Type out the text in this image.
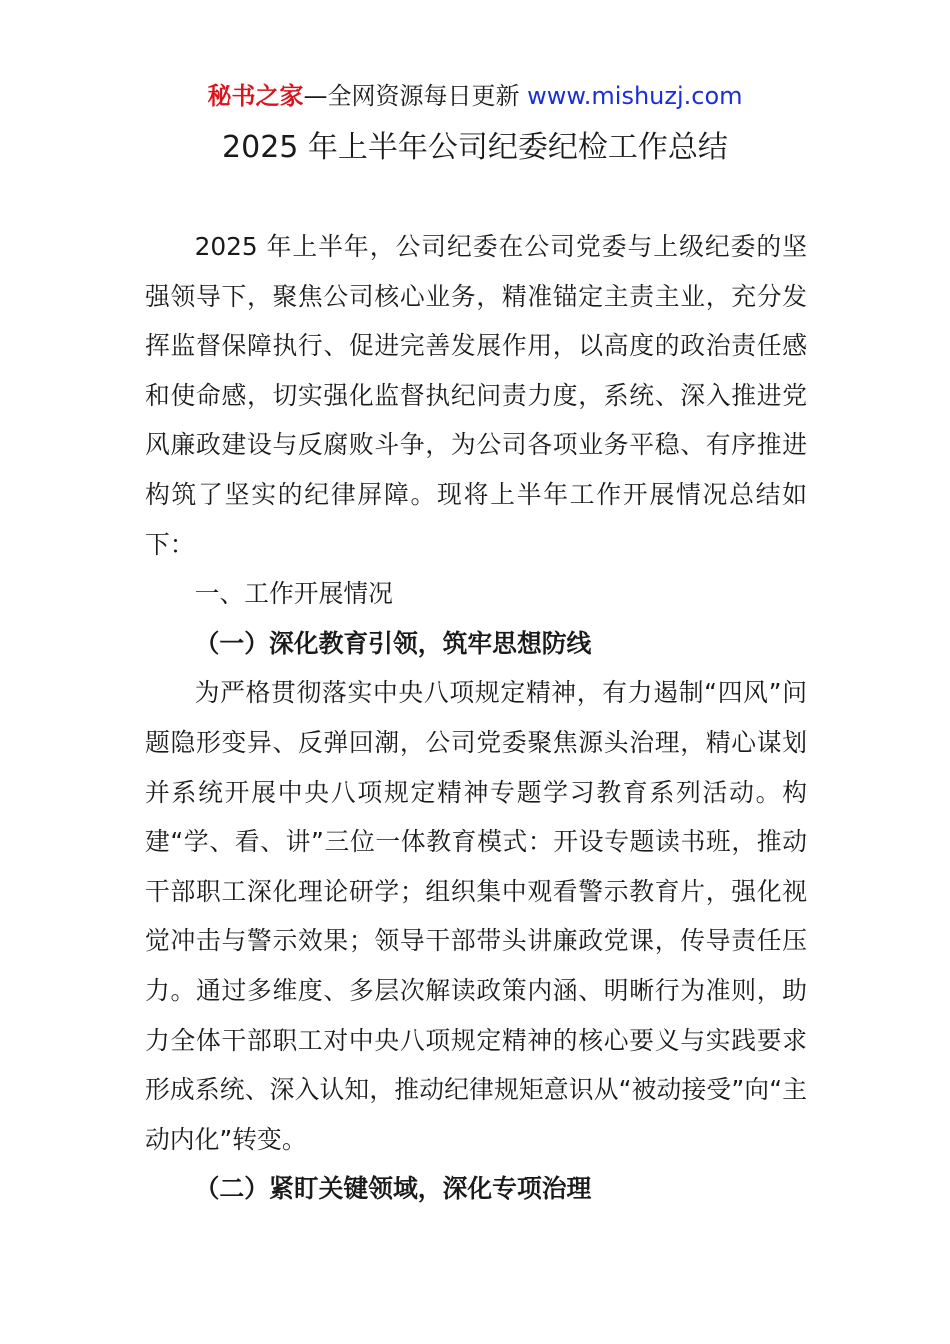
秘书之家—全网资源每日更新 www.mishuzj.com
2025 年上半年公司纪委纪检工作总结

2025 年上半年，公司纪委在公司党委与上级纪委的坚强领导下，聚焦公司核心业务，精准锚定主责主业，充分发挥监督保障执行、促进完善发展作用，以高度的政治责任感和使命感，切实强化监督执纪问责力度，系统、深入推进党风廉政建设与反腐败斗争，为公司各项业务平稳、有序推进构筑了坚实的纪律屏障。现将上半年工作开展情况总结如下：

一、工作开展情况

（一）深化教育引领，筑牢思想防线

为严格贯彻落实中央八项规定精神，有力遏制“四风”问题隐形变异、反弹回潮，公司党委聚焦源头治理，精心谋划并系统开展中央八项规定精神专题学习教育系列活动。构建“学、看、讲”三位一体教育模式：开设专题读书班，推动干部职工深化理论研学；组织集中观看警示教育片，强化视觉冲击与警示效果；领导干部带头讲廉政党课，传导责任压力。通过多维度、多层次解读政策内涵、明晰行为准则，助力全体干部职工对中央八项规定精神的核心要义与实践要求形成系统、深入认知，推动纪律规矩意识从“被动接受”向“主动内化”转变。

（二）紧盯关键领域，深化专项治理
